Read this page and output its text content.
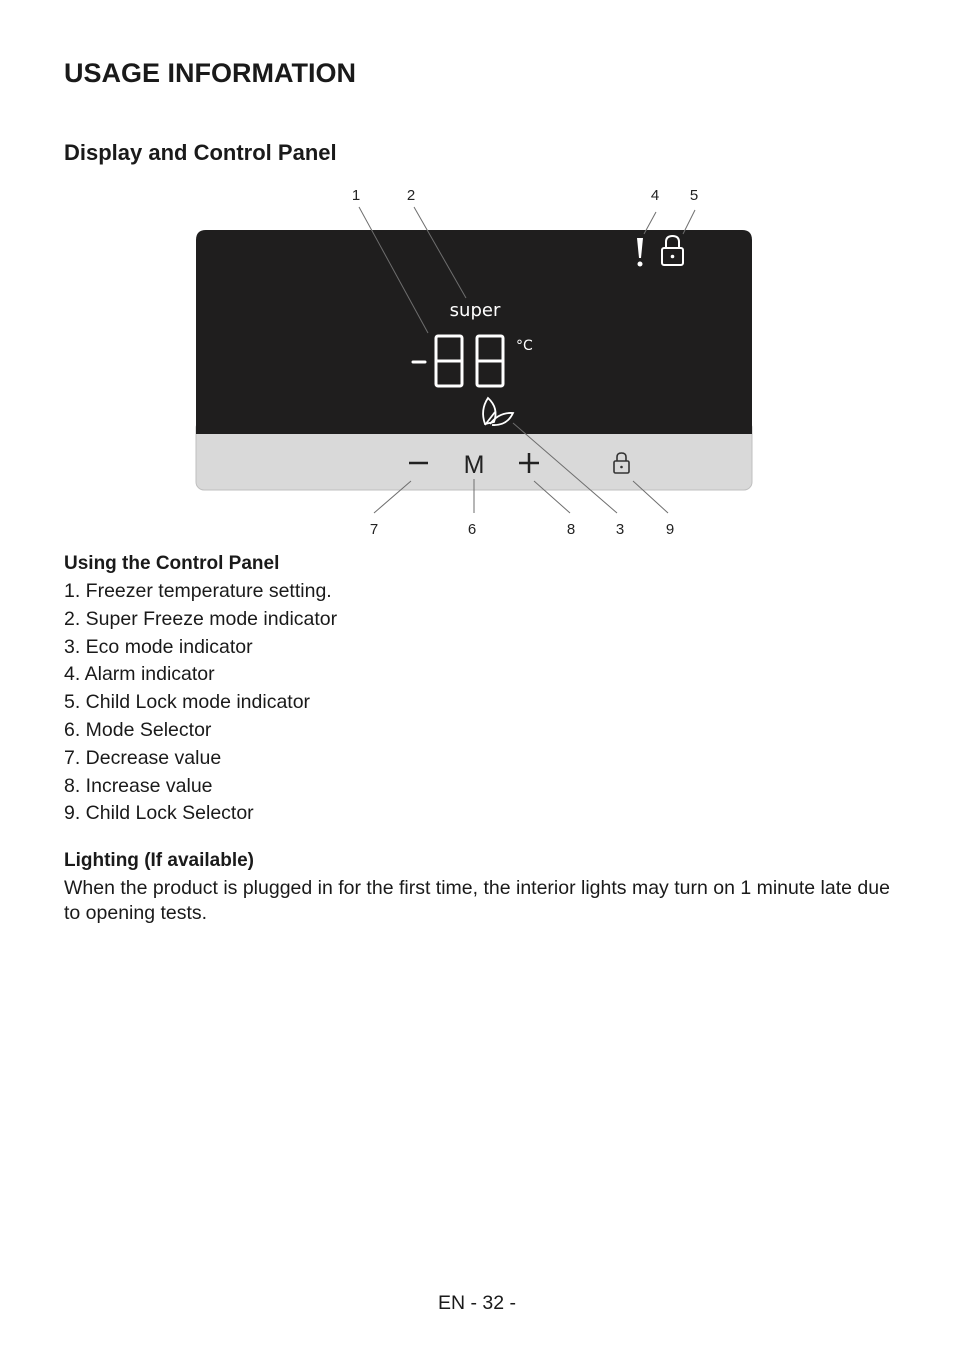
USAGE INFORMATION
Display and Control Panel
super
°C
M
1	2	4 5
7	6	8	3	9
Using the Control Panel
1. Freezer temperature setting.
2. Super Freeze mode indicator
3. Eco mode indicator
4. Alarm indicator
5. Child Lock mode indicator
6. Mode Selector
7. Decrease value
8. Increase value
9. Child Lock Selector
Lighting (If available)

When the product is plugged in for the first time, the interior lights may turn on 1 minute late due to opening tests.

EN - 32 -
